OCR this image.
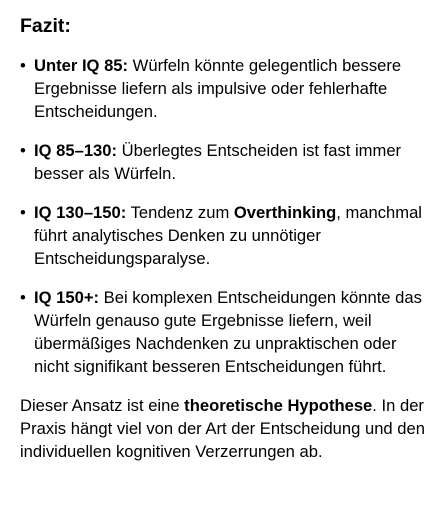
Fazit:
• Unter IQ 85: Würfeln könnte gelegentlich bessere Ergebnisse liefern als impulsive oder fehlerhafte Entscheidungen.
• IQ 85–130: Überlegtes Entscheiden ist fast immer besser als Würfeln.
• IQ 130–150: Tendenz zum Overthinking, manchmal führt analytisches Denken zu unnötiger Entscheidungsparalyse.
• IQ 150+: Bei komplexen Entscheidungen könnte das Würfeln genauso gute Ergebnisse liefern, weil übermäßiges Nachdenken zu unpraktischen oder nicht signifikant besseren Entscheidungen führt.

Dieser Ansatz ist eine theoretische Hypothese. In der Praxis hängt viel von der Art der Entscheidung und den individuellen kognitiven Verzerrungen ab.
